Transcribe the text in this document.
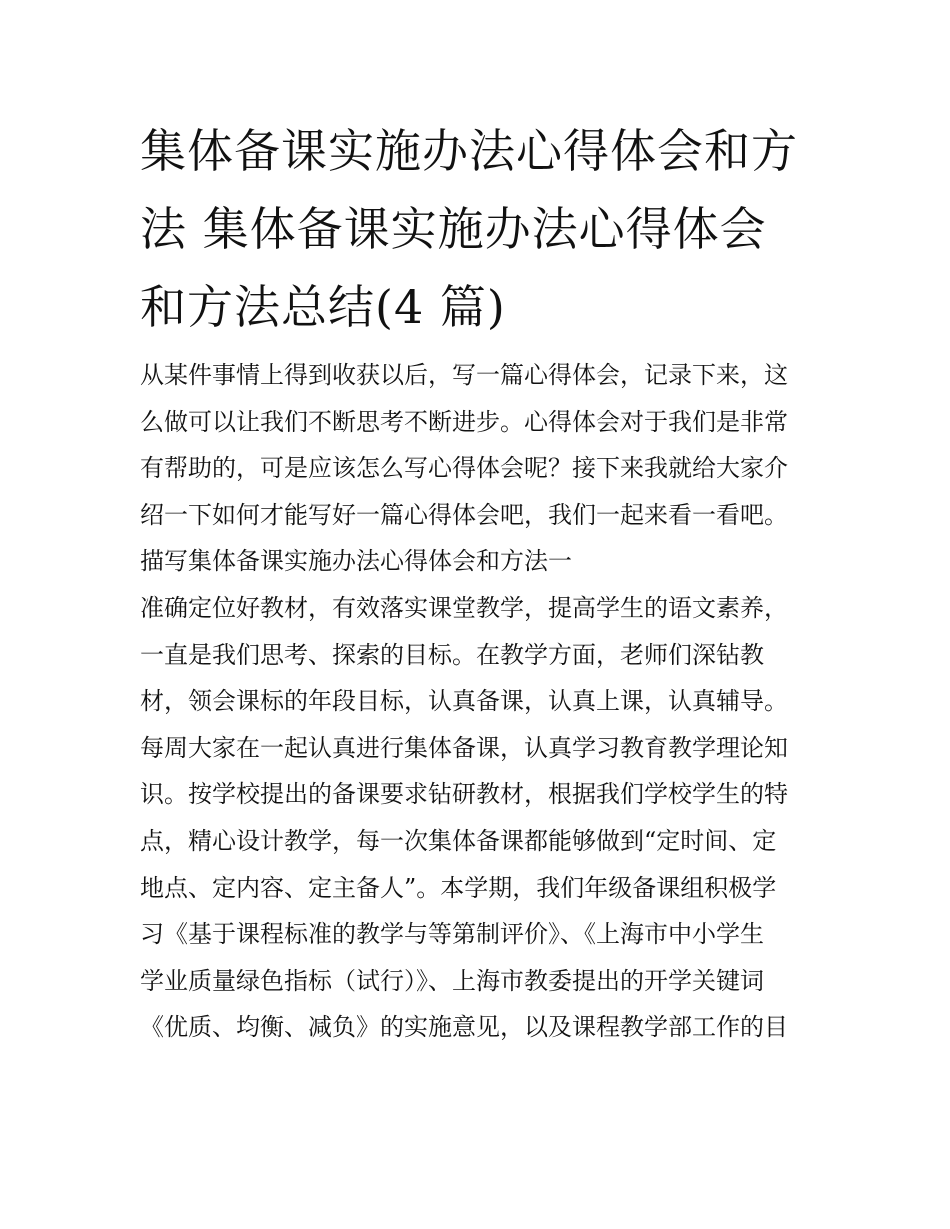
集体备课实施办法心得体会和方法 集体备课实施办法心得体会和方法总结(4 篇)

从某件事情上得到收获以后，写一篇心得体会，记录下来，这

么做可以让我们不断思考不断进步。心得体会对于我们是非常

有帮助的，可是应该怎么写心得体会呢？接下来我就给大家介

绍一下如何才能写好一篇心得体会吧，我们一起来看一看吧。

描写集体备课实施办法心得体会和方法一

准确定位好教材，有效落实课堂教学，提高学生的语文素养，

一直是我们思考、探索的目标。在教学方面，老师们深钻教

材，领会课标的年段目标，认真备课，认真上课，认真辅导。

每周大家在一起认真进行集体备课，认真学习教育教学理论知

识。按学校提出的备课要求钻研教材，根据我们学校学生的特

点，精心设计教学，每一次集体备课都能够做到“定时间、定

地点、定内容、定主备人”。本学期，我们年级备课组积极学

习《基于课程标准的教学与等第制评价》、《上海市中小学生

学业质量绿色指标（试行）》、上海市教委提出的开学关键词

《优质、均衡、减负》的实施意见，以及课程教学部工作的目
